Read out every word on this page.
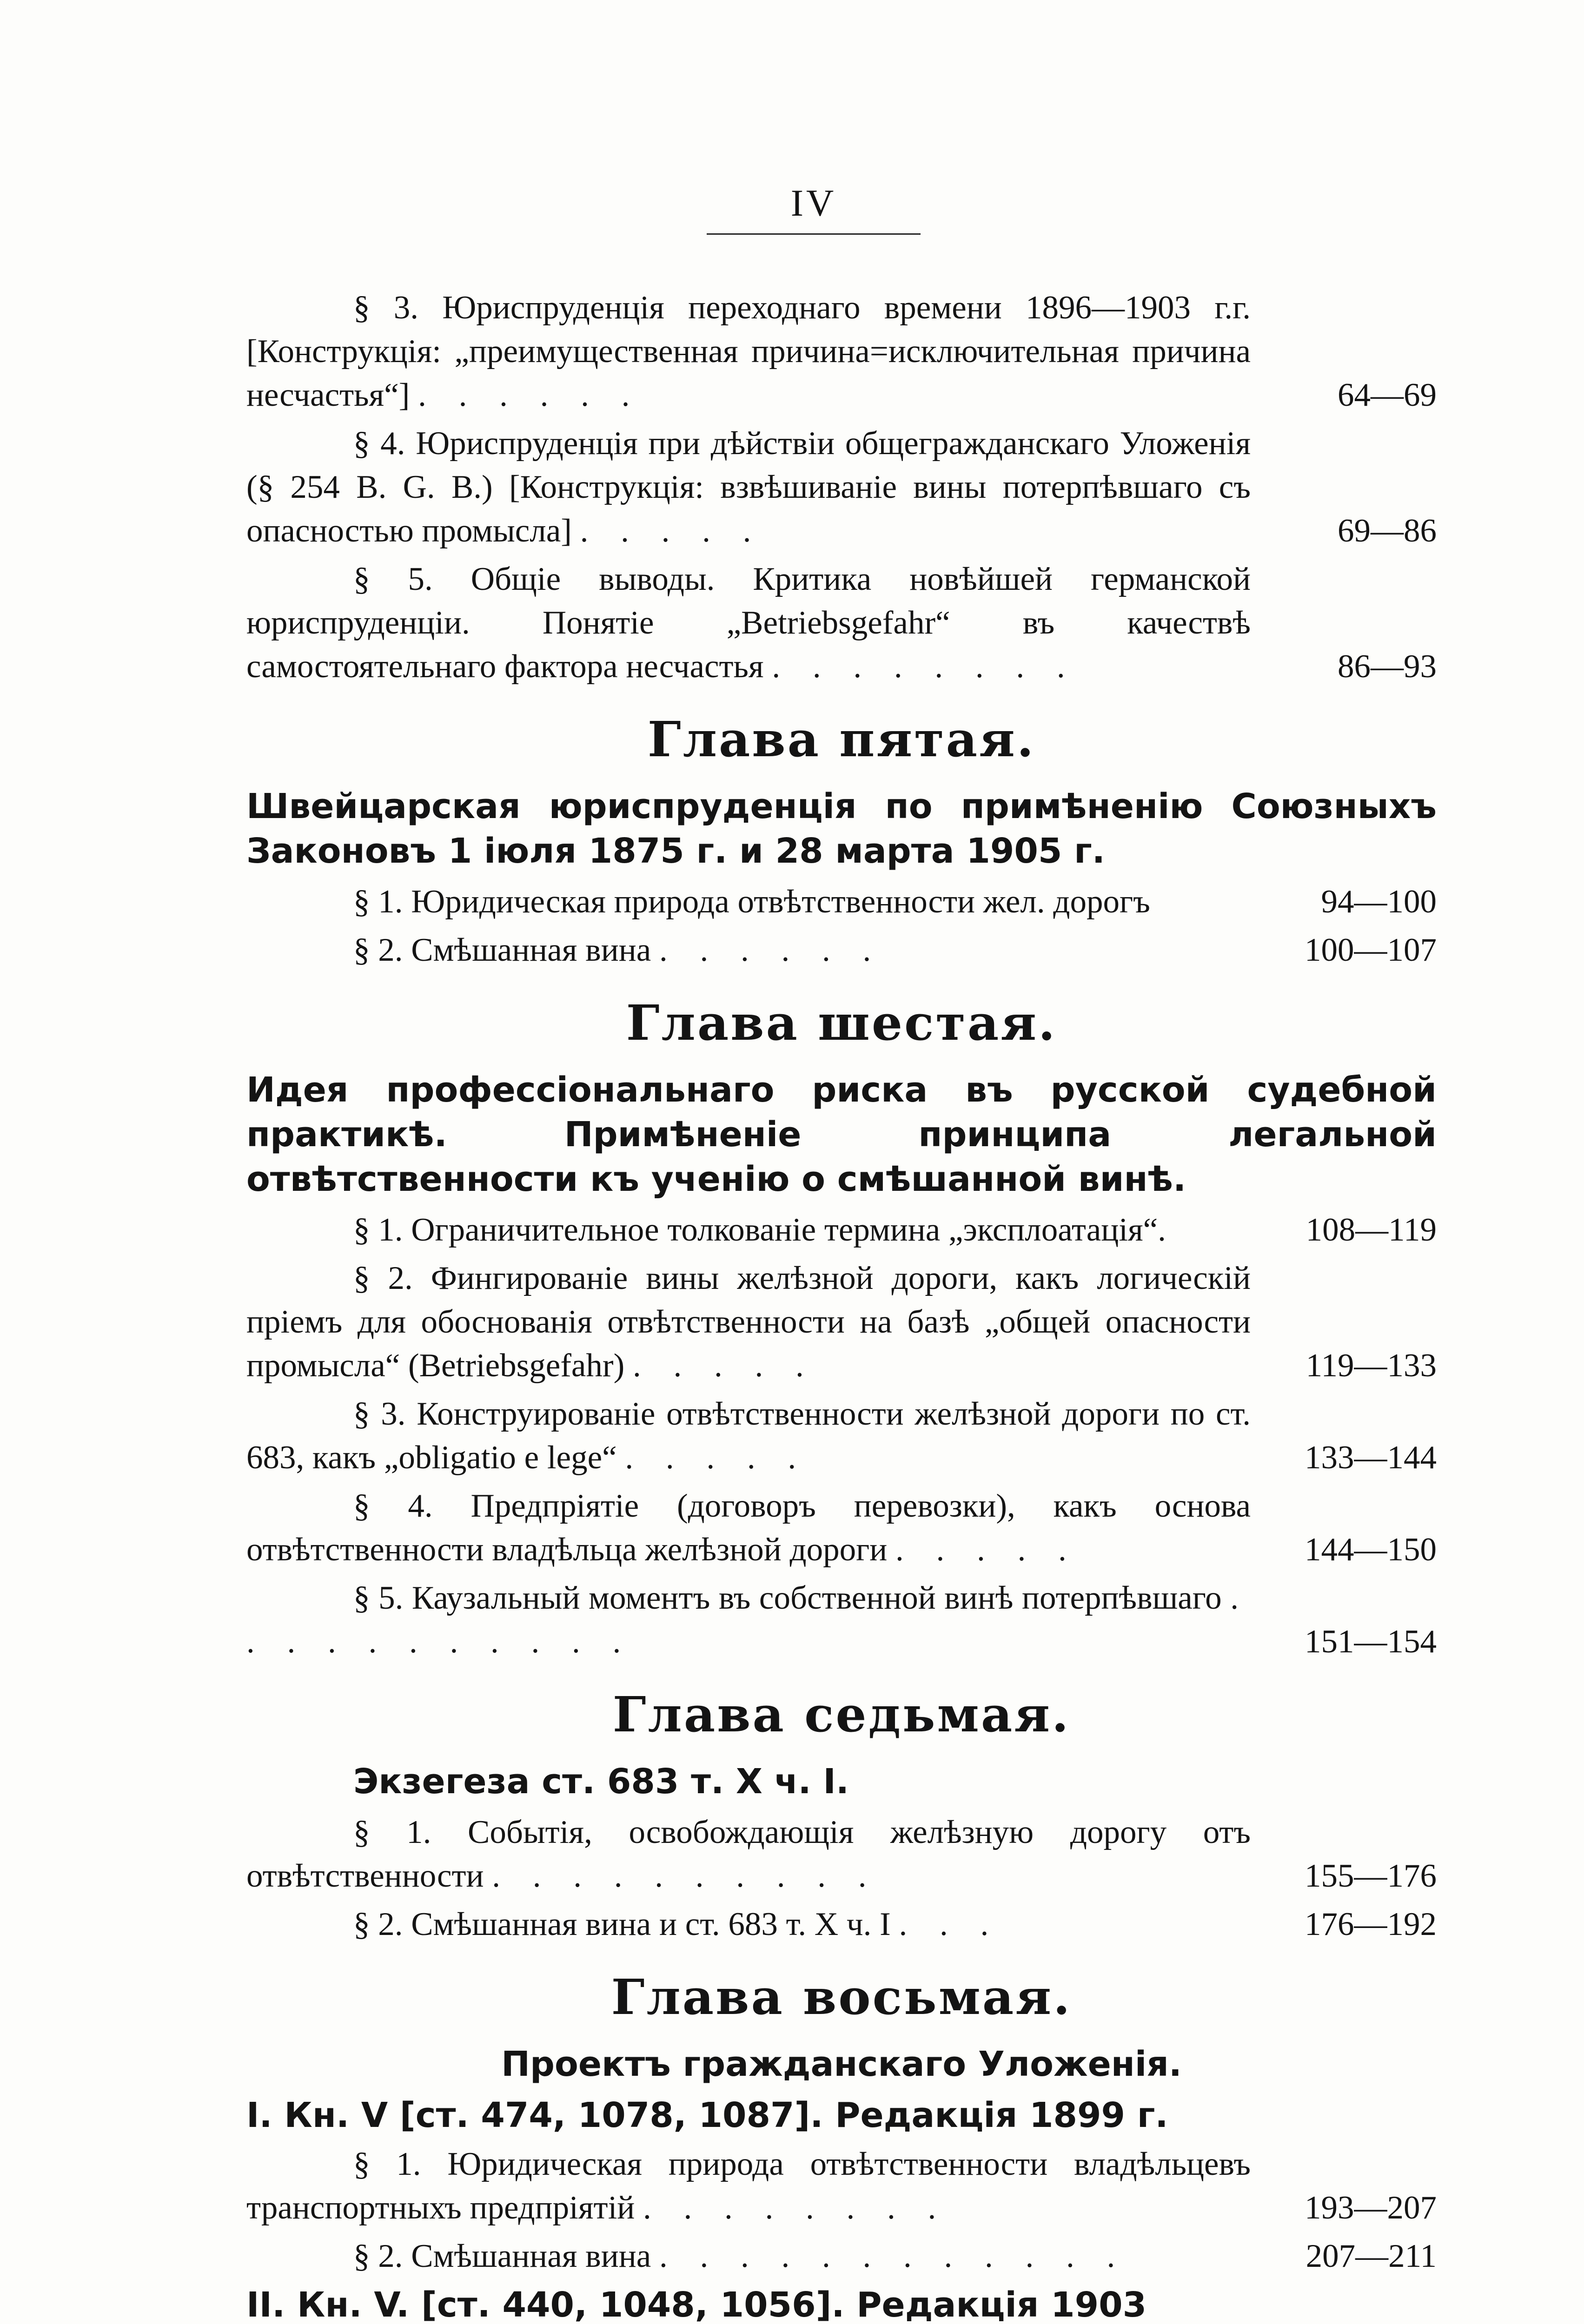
IV
§ 3. Юриспруденція переходнаго времени 1896—1903 г.г. [Конструкція: „преимущественная причина=исключительная причина несчастья“] . . . . . .	64—69
§ 4. Юриспруденція при дѣйствіи общегражданскаго Уложенія (§ 254 B. G. B.) [Конструкція: взвѣшиваніе вины потерпѣвшаго съ опасностью промысла] . . . . .	69—86
§ 5. Общіе выводы. Критика новѣйшей германской юриспруденціи. Понятіе „Betriebsgefahr“ въ качествѣ самостоятельнаго фактора несчастья . . . . . . . .	86—93
Глава пятая.
Швейцарская юриспруденція по примѣненію Союзныхъ Законовъ 1 іюля 1875 г. и 28 марта 1905 г.
§ 1. Юридическая природа отвѣтственности жел. дорогъ	94—100
§ 2. Смѣшанная вина . . . . . .	100—107
Глава шестая.
Идея профессіональнаго риска въ русской судебной практикѣ. Примѣненіе принципа легальной отвѣтственности къ ученію о смѣшанной винѣ.
§ 1. Ограничительное толкованіе термина „эксплоатація“.	108—119
§ 2. Фингированіе вины желѣзной дороги, какъ логическій пріемъ для обоснованія отвѣтственности на базѣ „общей опасности промысла“ (Betriebsgefahr) . . . . .	119—133
§ 3. Конструированіе отвѣтственности желѣзной дороги по ст. 683, какъ „obligatio e lege“ . . . . .	133—144
§ 4. Предпріятіе (договоръ перевозки), какъ основа отвѣтственности владѣльца желѣзной дороги . . . . .	144—150
§ 5. Каузальный моментъ въ собственной винѣ потерпѣвшаго . . . . . . . . . . .	151—154
Глава седьмая.
Экзегеза ст. 683 т. X ч. I.
§ 1. Событія, освобождающія желѣзную дорогу отъ отвѣтственности . . . . . . . . . .	155—176
§ 2. Смѣшанная вина и ст. 683 т. X ч. I . . .	176—192
Глава восьмая.
Проектъ гражданскаго Уложенія.
I. Кн. V [ст. 474, 1078, 1087]. Редакція 1899 г.
§ 1. Юридическая природа отвѣтственности владѣльцевъ транспортныхъ предпріятій . . . . . . . .	193—207
§ 2. Смѣшанная вина . . . . . . . . . . . .	207—211
II. Кн. V. [ст. 440, 1048, 1056]. Редакція 1903
